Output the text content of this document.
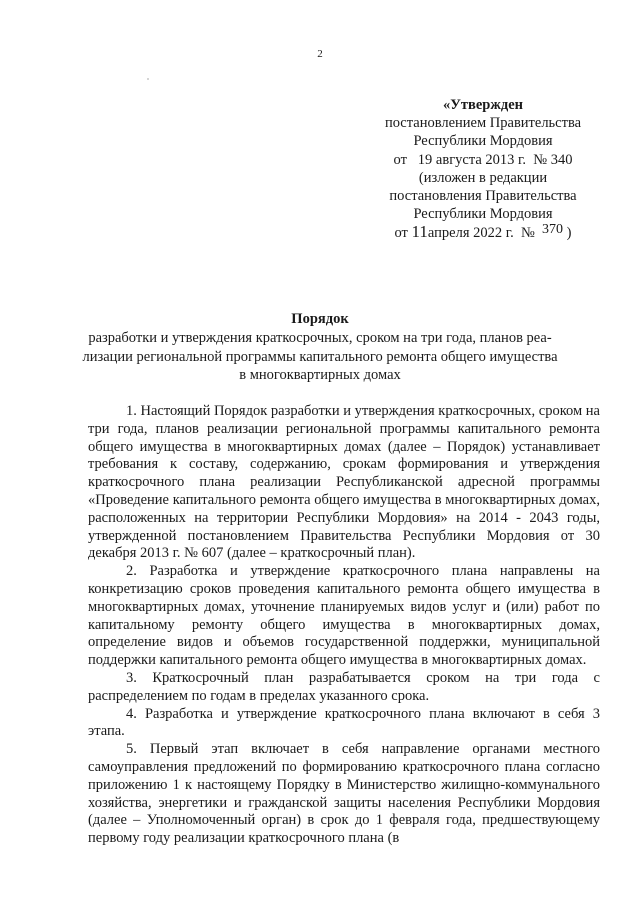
2
«Утвержден
постановлением Правительства
Республики Мордовия
от   19 августа 2013 г.  № 340
(изложен в редакции
постановления Правительства
Республики Мордовия
от 11апреля 2022 г.  № 370 )
Порядок
разработки и утверждения краткосрочных, сроком на три года, планов реа-
лизации региональной программы капитального ремонта общего имущества
в многоквартирных домах

1. Настоящий Порядок разработки и утверждения краткосрочных, сроком на три года, планов реализации региональной программы капитального ремонта общего имущества в многоквартирных домах (далее – Порядок) устанавливает требования к составу, содержанию, срокам формирования и утверждения краткосрочного плана реализации Республиканской адресной программы «Проведение капитального ремонта общего имущества в многоквартирных домах, расположенных на территории Республики Мордовия» на 2014 - 2043 годы, утвержденной постановлением Правительства Республики Мордовия от 30 декабря 2013 г. № 607 (далее – краткосрочный план).

2. Разработка и утверждение краткосрочного плана направлены на конкретизацию сроков проведения капитального ремонта общего имущества в многоквартирных домах, уточнение планируемых видов услуг и (или) работ по капитальному ремонту общего имущества в многоквартирных домах, определение видов и объемов государственной поддержки, муниципальной поддержки капитального ремонта общего имущества в многоквартирных домах.

3. Краткосрочный план разрабатывается сроком на три года с распределением по годам в пределах указанного срока.

4. Разработка и утверждение краткосрочного плана включают в себя 3 этапа.

5. Первый этап включает в себя направление органами местного самоуправления предложений по формированию краткосрочного плана согласно приложению 1 к настоящему Порядку в Министерство жилищно-коммунального хозяйства, энергетики и гражданской защиты населения Республики Мордовия (далее – Уполномоченный орган) в срок до 1 февраля года, предшествующему первому году реализации краткосрочного плана (в
